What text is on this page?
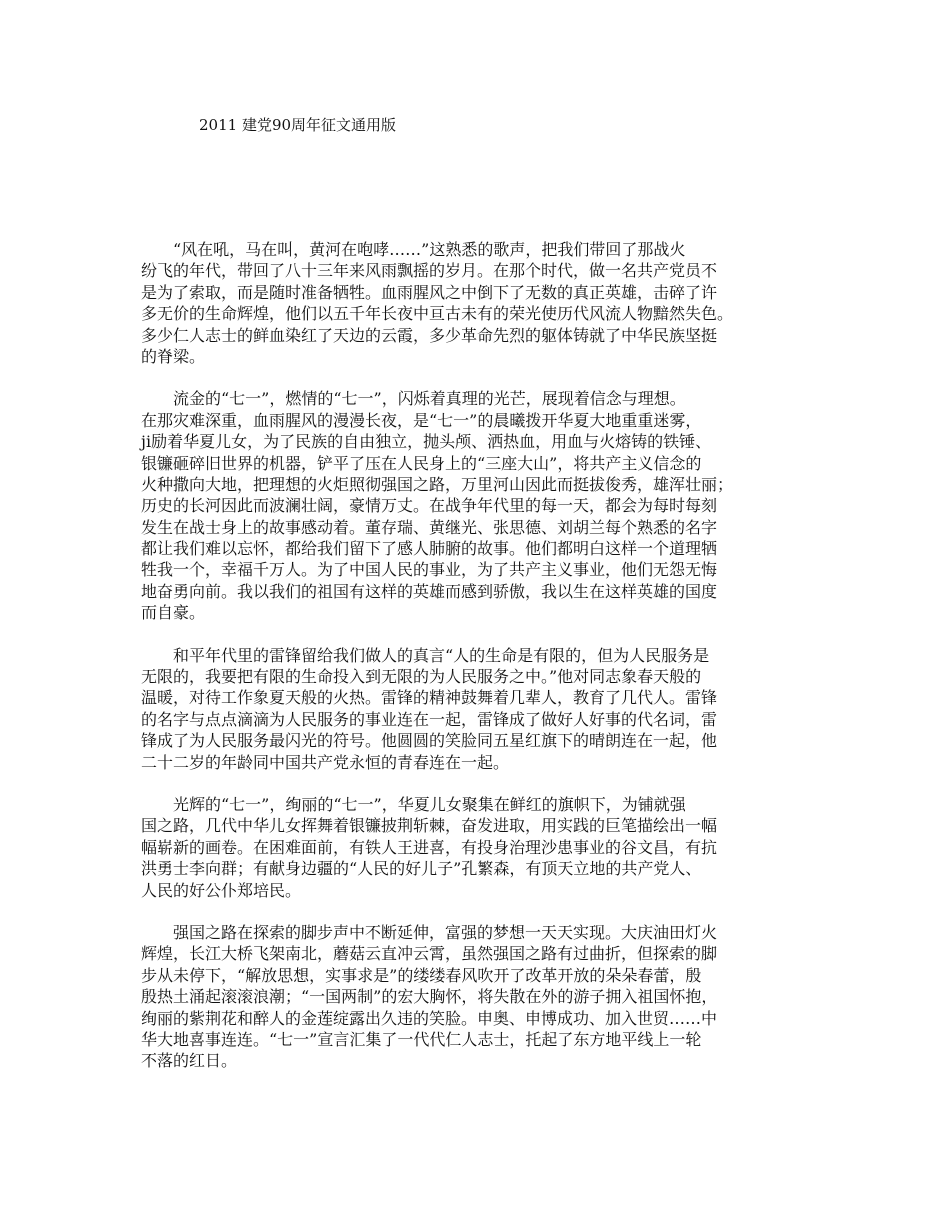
2011 建党90周年征文通用版
“风在吼，马在叫，黄河在咆哮……”这熟悉的歌声，把我们带回了那战火
纷飞的年代，带回了八十三年来风雨飘摇的岁月。在那个时代，做一名共产党员不
是为了索取，而是随时准备牺牲。血雨腥风之中倒下了无数的真正英雄，击碎了许
多无价的生命辉煌，他们以五千年长夜中亘古未有的荣光使历代风流人物黯然失色。
多少仁人志士的鲜血染红了天边的云霞，多少革命先烈的躯体铸就了中华民族坚挺
的脊梁。
流金的“七一”，燃情的“七一”，闪烁着真理的光芒，展现着信念与理想。
在那灾难深重，血雨腥风的漫漫长夜，是“七一”的晨曦拨开华夏大地重重迷雾，
ji励着华夏儿女，为了民族的自由独立，抛头颅、洒热血，用血与火熔铸的铁锤、
银镰砸碎旧世界的机器，铲平了压在人民身上的“三座大山”，将共产主义信念的
火种撒向大地，把理想的火炬照彻强国之路，万里河山因此而挺拔俊秀，雄浑壮丽；
历史的长河因此而波澜壮阔，豪情万丈。在战争年代里的每一天，都会为每时每刻
发生在战士身上的故事感动着。董存瑞、黄继光、张思德、刘胡兰每个熟悉的名字
都让我们难以忘怀，都给我们留下了感人肺腑的故事。他们都明白这样一个道理牺
牲我一个，幸福千万人。为了中国人民的事业，为了共产主义事业，他们无怨无悔
地奋勇向前。我以我们的祖国有这样的英雄而感到骄傲，我以生在这样英雄的国度
而自豪。
和平年代里的雷锋留给我们做人的真言“人的生命是有限的，但为人民服务是
无限的，我要把有限的生命投入到无限的为人民服务之中。”他对同志象春天般的
温暖，对待工作象夏天般的火热。雷锋的精神鼓舞着几辈人，教育了几代人。雷锋
的名字与点点滴滴为人民服务的事业连在一起，雷锋成了做好人好事的代名词，雷
锋成了为人民服务最闪光的符号。他圆圆的笑脸同五星红旗下的晴朗连在一起，他
二十二岁的年龄同中国共产党永恒的青春连在一起。
光辉的“七一”，绚丽的“七一”，华夏儿女聚集在鲜红的旗帜下，为铺就强
国之路，几代中华儿女挥舞着银镰披荆斩棘，奋发进取，用实践的巨笔描绘出一幅
幅崭新的画卷。在困难面前，有铁人王进喜，有投身治理沙患事业的谷文昌，有抗
洪勇士李向群；有献身边疆的“人民的好儿子”孔繁森，有顶天立地的共产党人、
人民的好公仆郑培民。
强国之路在探索的脚步声中不断延伸，富强的梦想一天天实现。大庆油田灯火
辉煌，长江大桥飞架南北，蘑菇云直冲云霄，虽然强国之路有过曲折，但探索的脚
步从未停下，“解放思想，实事求是”的缕缕春风吹开了改革开放的朵朵春蕾，殷
殷热土涌起滚滚浪潮；“一国两制”的宏大胸怀，将失散在外的游子拥入祖国怀抱，
绚丽的紫荆花和醉人的金莲绽露出久违的笑脸。申奥、申博成功、加入世贸……中
华大地喜事连连。“七一”宣言汇集了一代代仁人志士，托起了东方地平线上一轮
不落的红日。
